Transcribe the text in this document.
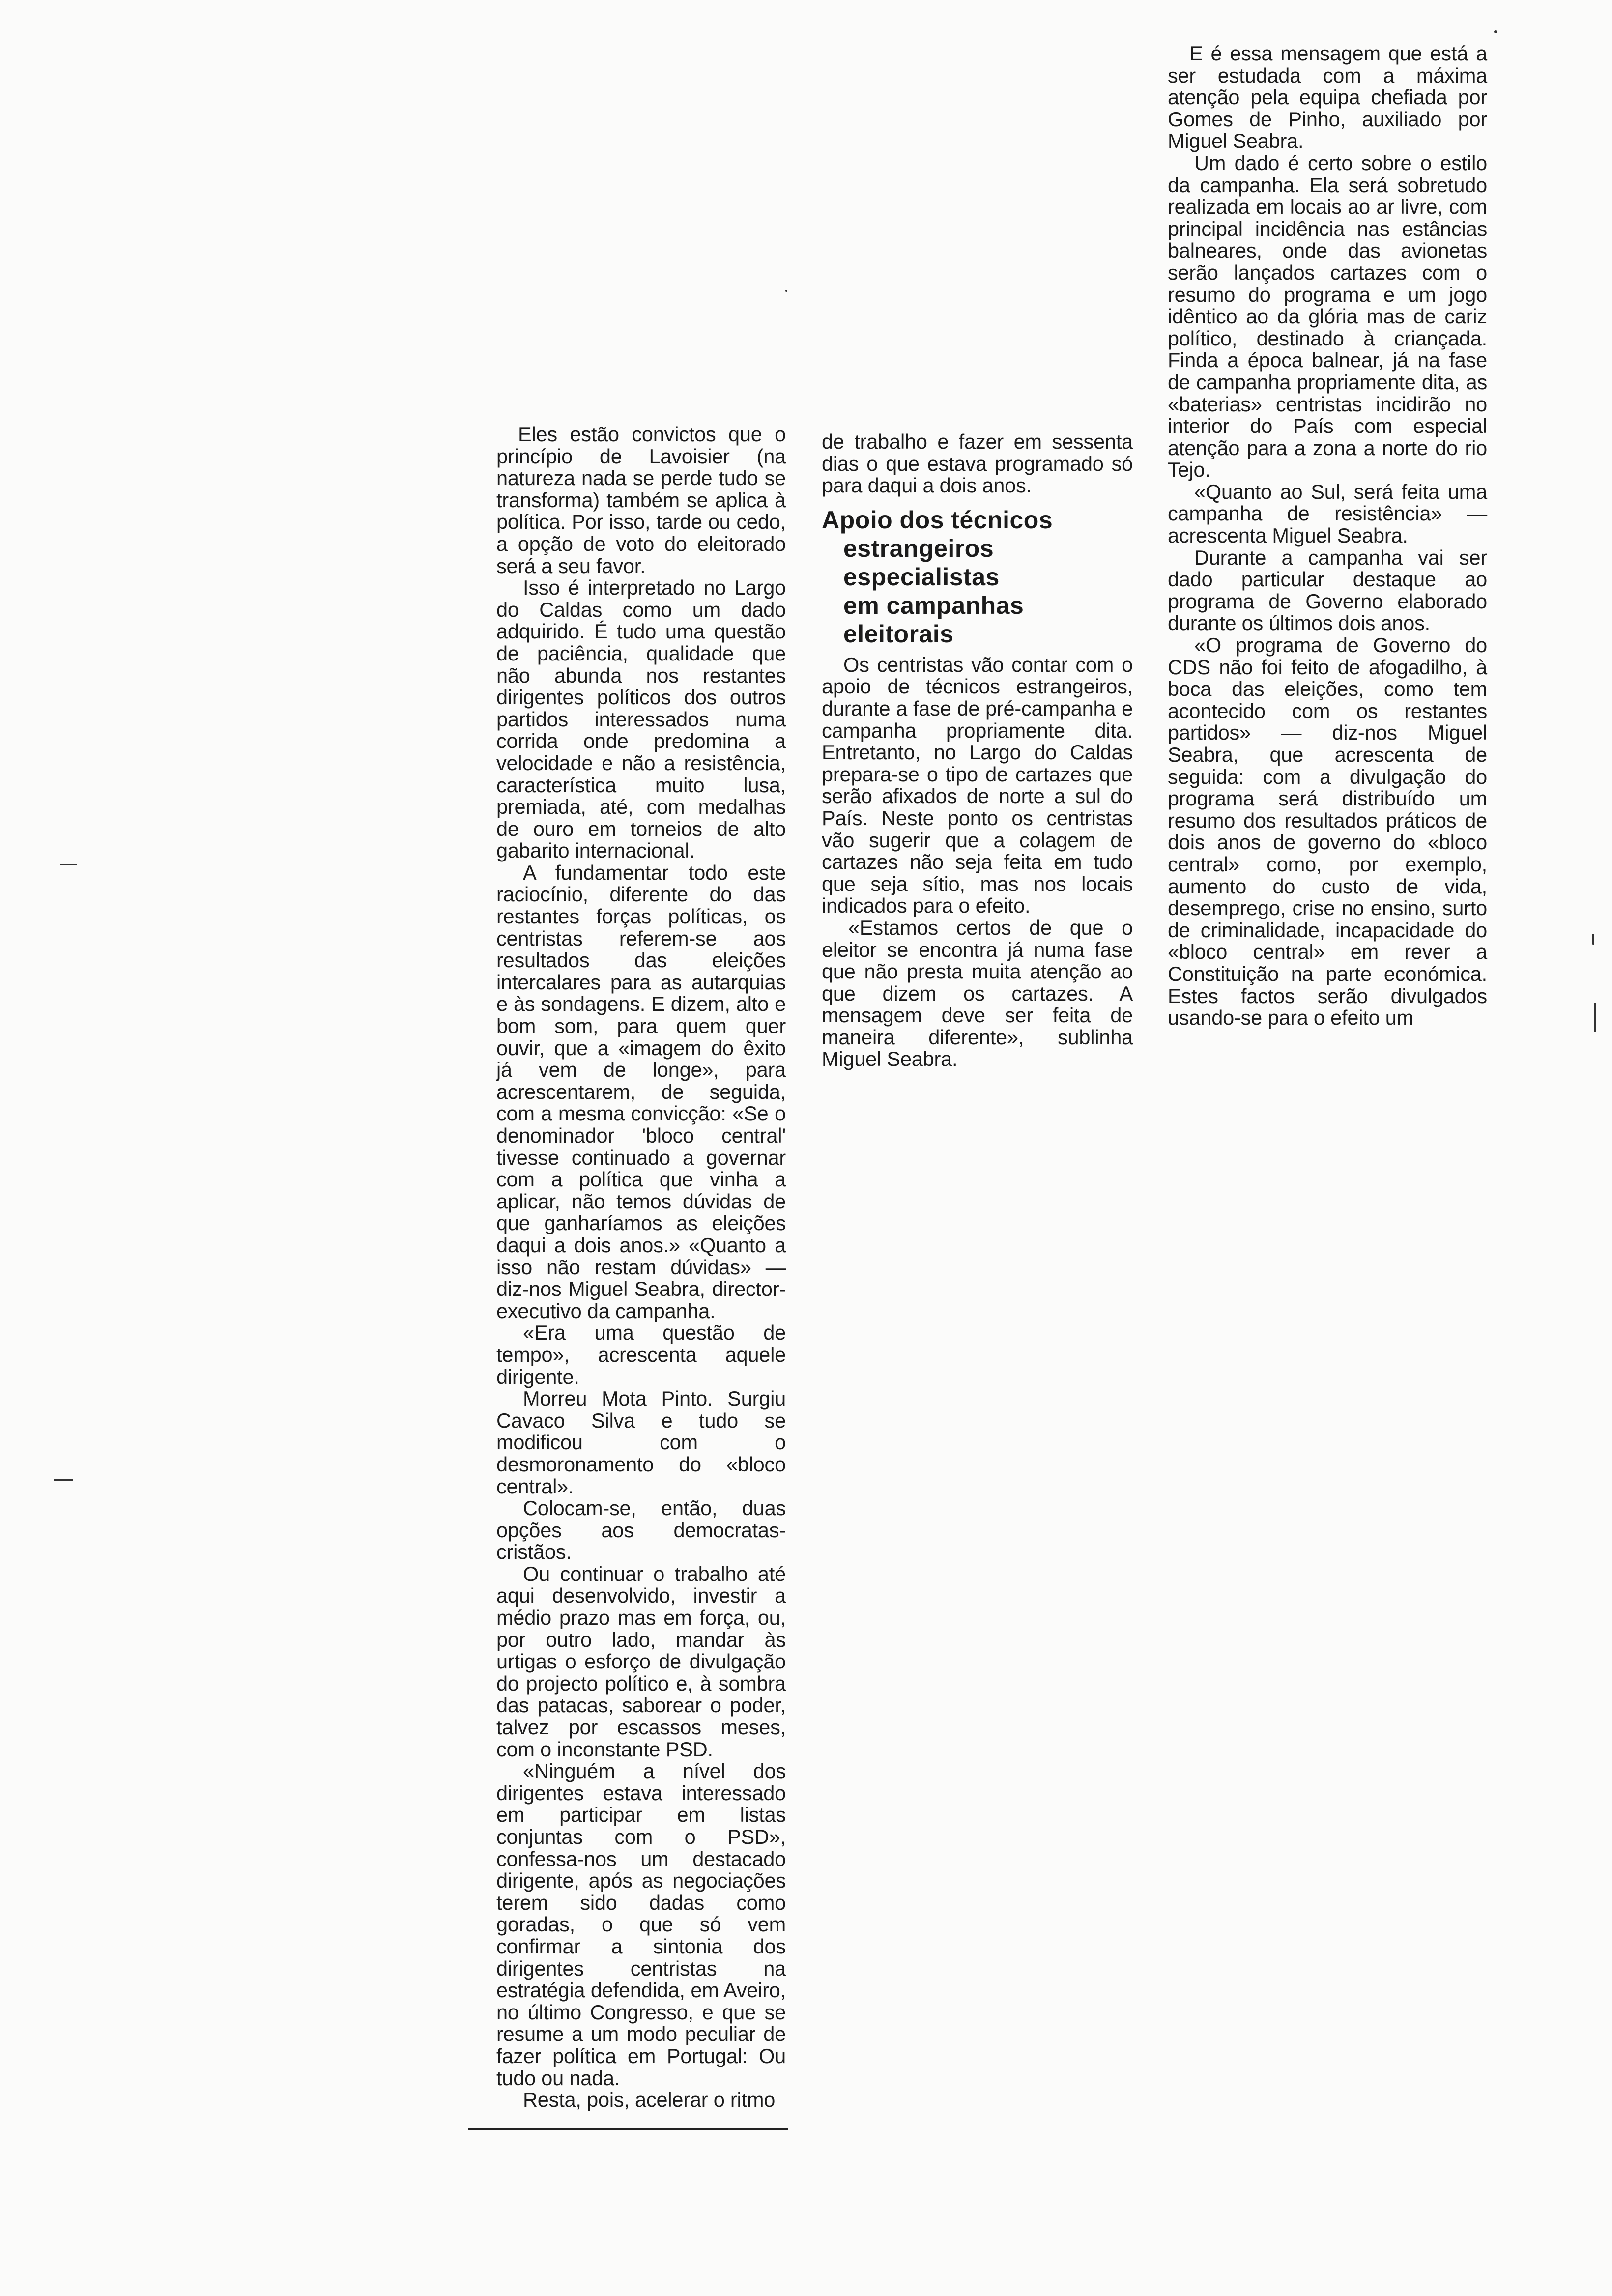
Eles estão convictos que o princípio de Lavoisier (na natureza nada se perde tudo se transforma) também se aplica à política. Por isso, tarde ou cedo, a opção de voto do eleitorado será a seu favor.

Isso é interpretado no Largo do Caldas como um dado adquirido. É tudo uma questão de paciência, qualidade que não abunda nos restantes dirigentes políticos dos outros partidos interessados numa corrida onde predomina a velocidade e não a resistência, característica muito lusa, premiada, até, com medalhas de ouro em torneios de alto gabarito internacional.

A fundamentar todo este raciocínio, diferente do das restantes forças políticas, os centristas referem-se aos resultados das eleições intercalares para as autarquias e às sondagens. E dizem, alto e bom som, para quem quer ouvir, que a «imagem do êxito já vem de longe», para acrescentarem, de seguida, com a mesma convicção: «Se o denominador 'bloco central' tivesse continuado a governar com a política que vinha a aplicar, não temos dúvidas de que ganharíamos as eleições daqui a dois anos.» «Quanto a isso não restam dúvidas» — diz-nos Miguel Seabra, director-executivo da campanha.

«Era uma questão de tempo», acrescenta aquele dirigente.

Morreu Mota Pinto. Surgiu Cavaco Silva e tudo se modificou com o desmoronamento do «bloco central».

Colocam-se, então, duas opções aos democratas-cristãos.

Ou continuar o trabalho até aqui desenvolvido, investir a médio prazo mas em força, ou, por outro lado, mandar às urtigas o esforço de divulgação do projecto político e, à sombra das patacas, saborear o poder, talvez por escassos meses, com o inconstante PSD.

«Ninguém a nível dos dirigentes estava interessado em participar em listas conjuntas com o PSD», confessa-nos um destacado dirigente, após as negociações terem sido dadas como goradas, o que só vem confirmar a sintonia dos dirigentes centristas na estratégia defendida, em Aveiro, no último Congresso, e que se resume a um modo peculiar de fazer política em Portugal: Ou tudo ou nada.

Resta, pois, acelerar o ritmo

de trabalho e fazer em sessenta dias o que estava programado só para daqui a dois anos.

Apoio dos técnicos
estrangeiros
especialistas
em campanhas
eleitorais

Os centristas vão contar com o apoio de técnicos estrangeiros, durante a fase de pré-campanha e campanha propriamente dita. Entretanto, no Largo do Caldas prepara-se o tipo de cartazes que serão afixados de norte a sul do País. Neste ponto os centristas vão sugerir que a colagem de cartazes não seja feita em tudo que seja sítio, mas nos locais indicados para o efeito.

«Estamos certos de que o eleitor se encontra já numa fase que não presta muita atenção ao que dizem os cartazes. A mensagem deve ser feita de maneira diferente», sublinha Miguel Seabra.

E é essa mensagem que está a ser estudada com a máxima atenção pela equipa chefiada por Gomes de Pinho, auxiliado por Miguel Seabra.

Um dado é certo sobre o estilo da campanha. Ela será sobretudo realizada em locais ao ar livre, com principal incidência nas estâncias balneares, onde das avionetas serão lançados cartazes com o resumo do programa e um jogo idêntico ao da glória mas de cariz político, destinado à criançada. Finda a época balnear, já na fase de campanha propriamente dita, as «baterias» centristas incidirão no interior do País com especial atenção para a zona a norte do rio Tejo.

«Quanto ao Sul, será feita uma campanha de resistência» — acrescenta Miguel Seabra.

Durante a campanha vai ser dado particular destaque ao programa de Governo elaborado durante os últimos dois anos.

«O programa de Governo do CDS não foi feito de afogadilho, à boca das eleições, como tem acontecido com os restantes partidos» — diz-nos Miguel Seabra, que acrescenta de seguida: com a divulgação do programa será distribuído um resumo dos resultados práticos de dois anos de governo do «bloco central» como, por exemplo, aumento do custo de vida, desemprego, crise no ensino, surto de criminalidade, incapacidade do «bloco central» em rever a Constituição na parte económica. Estes factos serão divulgados usando-se para o efeito um
